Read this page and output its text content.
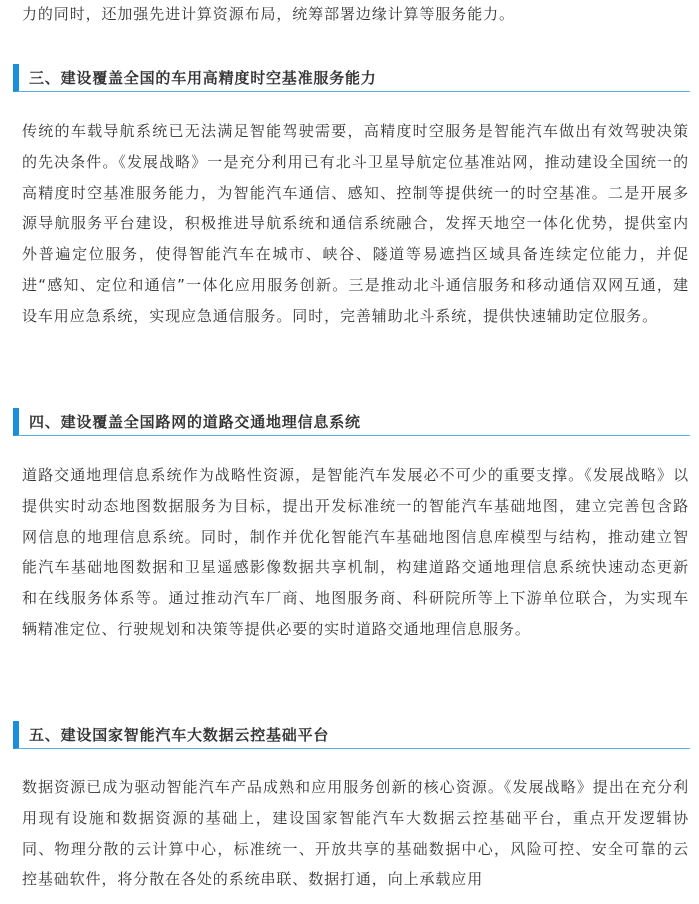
力的同时，还加强先进计算资源布局，统筹部署边缘计算等服务能力。

三、建设覆盖全国的车用高精度时空基准服务能力

传统的车载导航系统已无法满足智能驾驶需要，高精度时空服务是智能汽车做出有效驾驶决策的先决条件。《发展战略》一是充分利用已有北斗卫星导航定位基准站网，推动建设全国统一的高精度时空基准服务能力，为智能汽车通信、感知、控制等提供统一的时空基准。二是开展多源导航服务平台建设，积极推进导航系统和通信系统融合，发挥天地空一体化优势，提供室内外普遍定位服务，使得智能汽车在城市、峡谷、隧道等易遮挡区域具备连续定位能力，并促进“感知、定位和通信”一体化应用服务创新。三是推动北斗通信服务和移动通信双网互通，建设车用应急系统，实现应急通信服务。同时，完善辅助北斗系统，提供快速辅助定位服务。

四、建设覆盖全国路网的道路交通地理信息系统

道路交通地理信息系统作为战略性资源，是智能汽车发展必不可少的重要支撑。《发展战略》以提供实时动态地图数据服务为目标，提出开发标准统一的智能汽车基础地图，建立完善包含路网信息的地理信息系统。同时，制作并优化智能汽车基础地图信息库模型与结构，推动建立智能汽车基础地图数据和卫星遥感影像数据共享机制，构建道路交通地理信息系统快速动态更新和在线服务体系等。通过推动汽车厂商、地图服务商、科研院所等上下游单位联合，为实现车辆精准定位、行驶规划和决策等提供必要的实时道路交通地理信息服务。

五、建设国家智能汽车大数据云控基础平台

数据资源已成为驱动智能汽车产品成熟和应用服务创新的核心资源。《发展战略》提出在充分利用现有设施和数据资源的基础上，建设国家智能汽车大数据云控基础平台，重点开发逻辑协同、物理分散的云计算中心，标准统一、开放共享的基础数据中心，风险可控、安全可靠的云控基础软件，将分散在各处的系统串联、数据打通，向上承载应用
